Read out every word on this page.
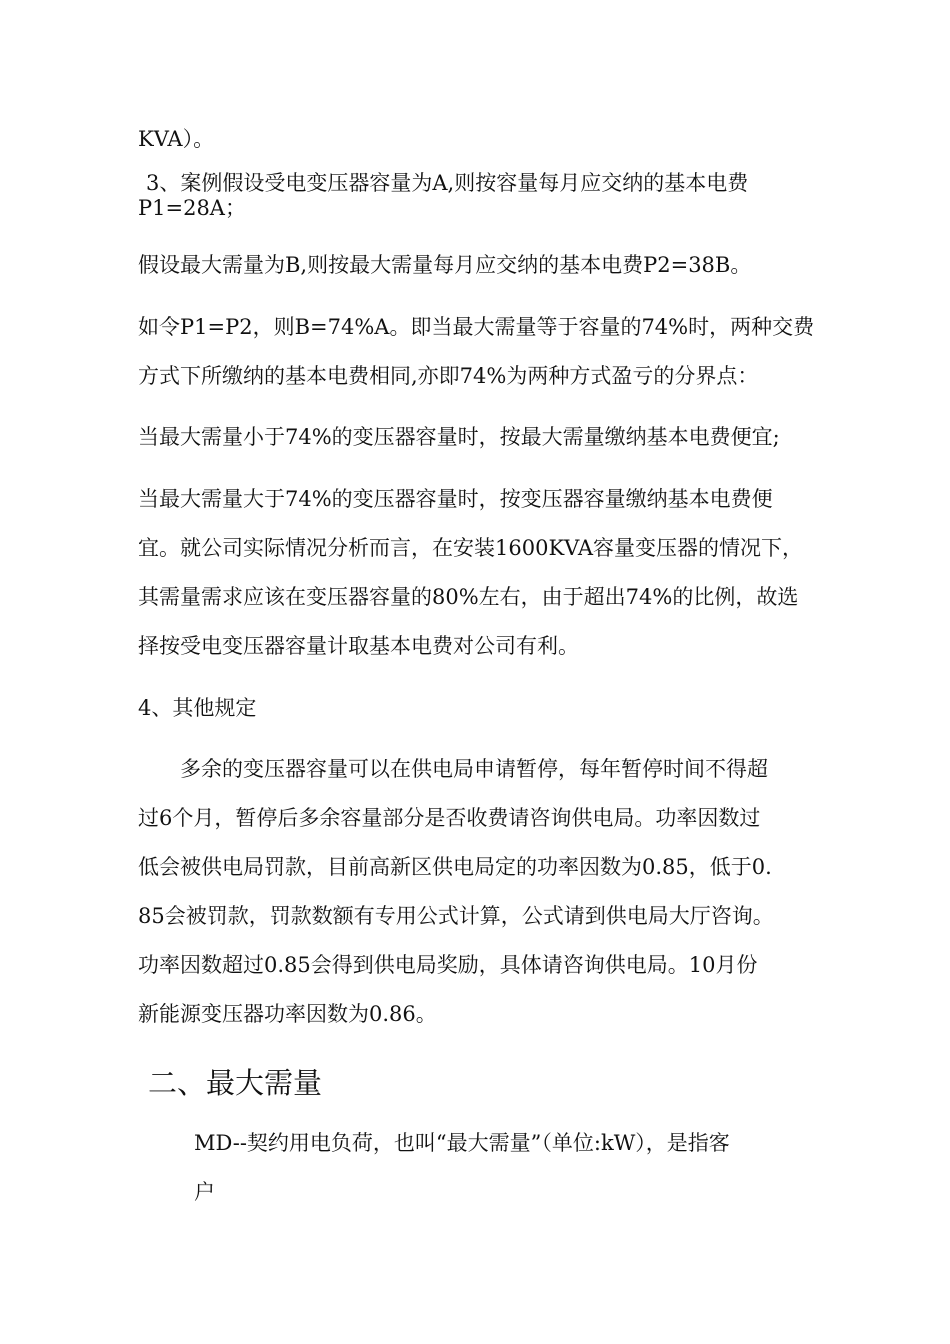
KVA）。
3、案例假设受电变压器容量为A,则按容量每月应交纳的基本电费
P1=28A；
假设最大需量为B,则按最大需量每月应交纳的基本电费P2=38B。
如令P1=P2，则B=74%A。即当最大需量等于容量的74%时，两种交费
方式下所缴纳的基本电费相同,亦即74%为两种方式盈亏的分界点：
当最大需量小于74%的变压器容量时，按最大需量缴纳基本电费便宜;
当最大需量大于74%的变压器容量时，按变压器容量缴纳基本电费便
宜。就公司实际情况分析而言，在安装1600KVA容量变压器的情况下，
其需量需求应该在变压器容量的80%左右，由于超出74%的比例，故选
择按受电变压器容量计取基本电费对公司有利。
4、其他规定
多余的变压器容量可以在供电局申请暂停，每年暂停时间不得超
过6个月，暂停后多余容量部分是否收费请咨询供电局。功率因数过
低会被供电局罚款，目前高新区供电局定的功率因数为0.85，低于0.
85会被罚款，罚款数额有专用公式计算，公式请到供电局大厅咨询。
功率因数超过0.85会得到供电局奖励，具体请咨询供电局。10月份
新能源变压器功率因数为0.86。
二、最大需量
MD--契约用电负荷，也叫“最大需量”（单位:kW），是指客
户
